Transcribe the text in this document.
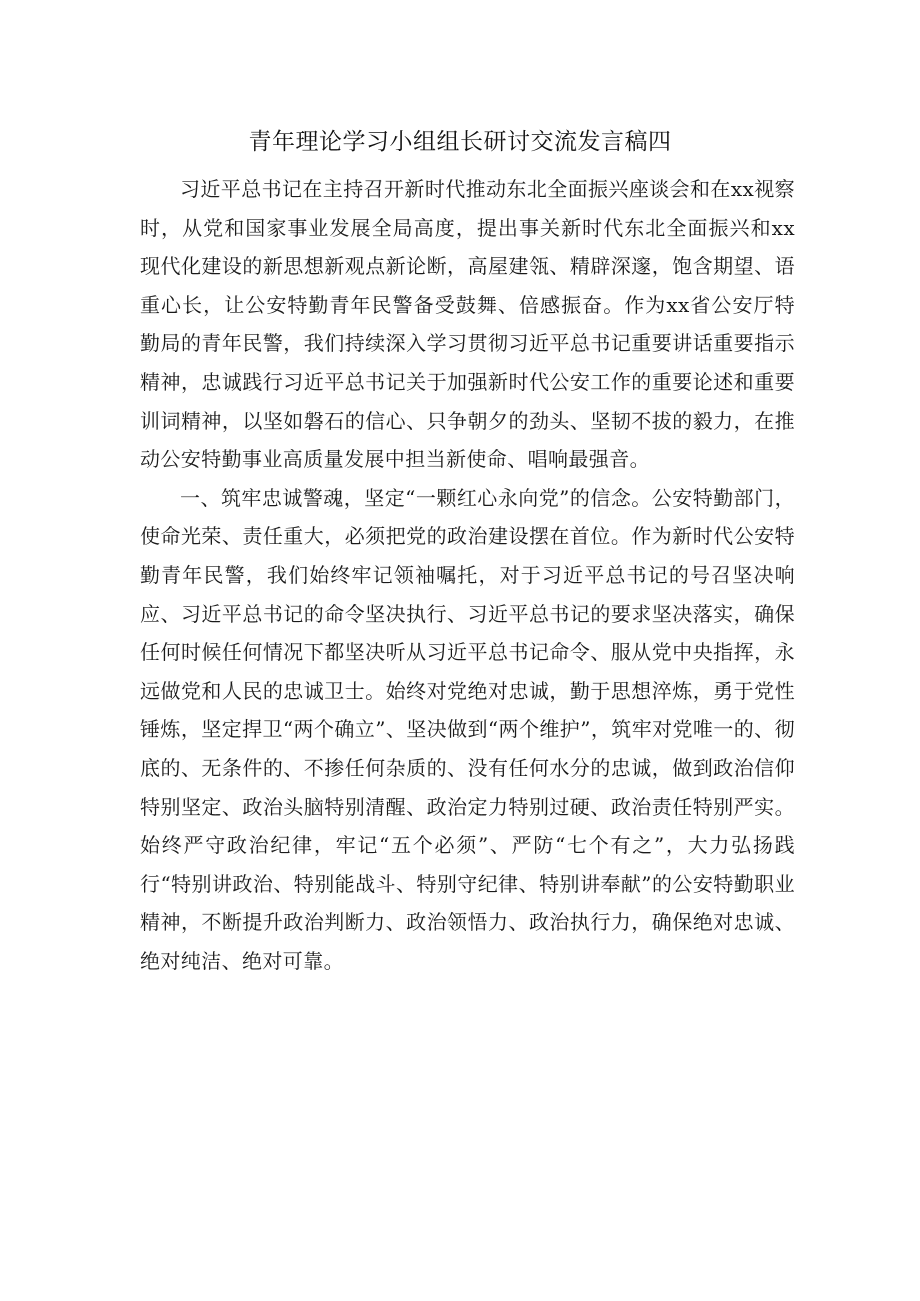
青年理论学习小组组长研讨交流发言稿四

习近平总书记在主持召开新时代推动东北全面振兴座谈会和在xx视察时，从党和国家事业发展全局高度，提出事关新时代东北全面振兴和xx现代化建设的新思想新观点新论断，高屋建瓴、精辟深邃，饱含期望、语重心长，让公安特勤青年民警备受鼓舞、倍感振奋。作为xx省公安厅特勤局的青年民警，我们持续深入学习贯彻习近平总书记重要讲话重要指示精神，忠诚践行习近平总书记关于加强新时代公安工作的重要论述和重要训词精神，以坚如磐石的信心、只争朝夕的劲头、坚韧不拔的毅力，在推动公安特勤事业高质量发展中担当新使命、唱响最强音。

一、筑牢忠诚警魂，坚定“一颗红心永向党”的信念。公安特勤部门，使命光荣、责任重大，必须把党的政治建设摆在首位。作为新时代公安特勤青年民警，我们始终牢记领袖嘱托，对于习近平总书记的号召坚决响应、习近平总书记的命令坚决执行、习近平总书记的要求坚决落实，确保任何时候任何情况下都坚决听从习近平总书记命令、服从党中央指挥，永远做党和人民的忠诚卫士。始终对党绝对忠诚，勤于思想淬炼，勇于党性锤炼，坚定捍卫“两个确立”、坚决做到“两个维护”，筑牢对党唯一的、彻底的、无条件的、不掺任何杂质的、没有任何水分的忠诚，做到政治信仰特别坚定、政治头脑特别清醒、政治定力特别过硬、政治责任特别严实。始终严守政治纪律，牢记“五个必须”、严防“七个有之”，大力弘扬践行“特别讲政治、特别能战斗、特别守纪律、特别讲奉献”的公安特勤职业精神，不断提升政治判断力、政治领悟力、政治执行力，确保绝对忠诚、绝对纯洁、绝对可靠。
